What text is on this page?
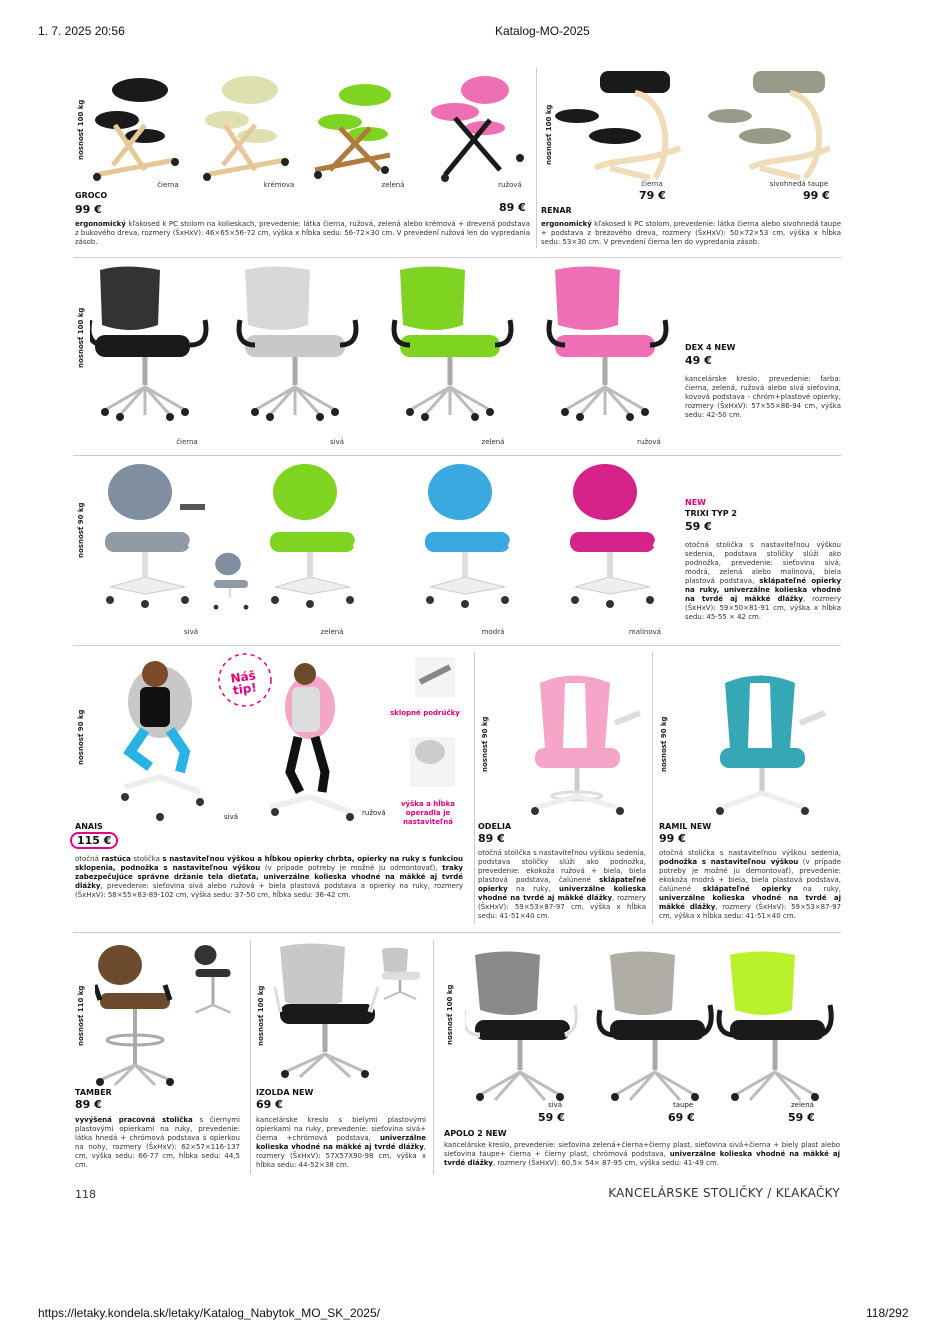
1. 7. 2025 20:56	Katalog-MO-2025
nosnosť 100 kg
čierna	krémova	zelená	ružová
GROCO
99 €	89 €
ergonomický kľakosed k PC stolom na kolieskach, prevedenie: látka čierna, ružová, zelená alebo krémová + drevená podstava z bukového dreva, rozmery (ŠxHxV): 46×65×56-72 cm, výška x hĺbka sedu: 56-72×30 cm. V prevedení ružová len do vypredania zásob.
nosnosť 100 kg
čierna	sivohnedá taupe
79 €	99 €
RENAR
ergonomický kľakosed k PC stolom, prevedenie: látka čierna alebo sivohnedá taupe + podstava z brezového dreva, rozmery (ŠxHxV): 50×72×53 cm, výška x hĺbka sedu: 53×30 cm. V prevedení čierna len do vypredania zásob.
nosnosť 100 kg
čierna	sivá	zelená	ružová
DEX 4 NEW
49 €
kancelárske kreslo, prevedenie: farba: čierna, zelená, ružová alebo sivá sieťovina, kovová podstava - chróm+plastové opierky, rozmery (ŠxHxV): 57×55×86-94 cm, výška sedu: 42-50 cm.
nosnosť 90 kg
sivá	zelená	modrá	malinová
NEW
TRIXI TYP 2
59 €
otočná stolička s nastaviteľnou výškou sedenia, podstava stoličky slúži ako podnožka, prevedenie: sieťovina sivá, modrá, zelená alebo malinová, biela plastová podstava, sklápateľné opierky na ruky, univerzálne kolieska vhodné na tvrdé aj mäkké dlážky, rozmery (ŠxHxV): 59×50×81-91 cm, výška x hĺbka sedu: 45-55 × 42 cm.
nosnosť 90 kg
Náš tip!
sklopné podrúčky
výška a hĺbka operadla je nastaviteľná
sivá	ružová
ANAIS
115 €
otočná rastúca stolička s nastaviteľnou výškou a hĺbkou opierky chrbta, opierky na ruky s funkciou sklopenia, podnožka s nastaviteľnou výškou (v prípade potreby je možné ju odmontovať), traky zabezpečujúce správne držanie tela dieťaťa, univerzálne kolieska vhodné na mäkké aj tvrdé dlážky, prevedenie: sieťovina sivá alebo ružová + biela plastová podstava a opierky na ruky, rozmery (ŠxHxV): 58×55×83-89-102 cm, výška sedu: 37-50 cm, hĺbka sedu: 36-42 cm.
nosnosť 90 kg
ODELIA
89 €
otočná stolička s nastaviteľnou výškou sedenia, podstava stoličky slúži ako podnožka, prevedenie: ekokoža ružová + biela, biela plastová podstava, čalúnené sklápateľné opierky na ruky, univerzálne kolieska vhodné na tvrdé aj mäkké dlážky, rozmery (ŠxHxV): 59×53×87-97 cm, výška x hĺbka sedu: 41-51×40 cm.
nosnosť 90 kg
RAMIL NEW
99 €
otočná stolička s nastaviteľnou výškou sedenia, podnožka s nastaviteľnou výškou (v prípade potreby je možné ju demontovať), prevedenie: ekokoža modrá + biela, biela plastová podstava, čalúnené sklápateľné opierky na ruky, univerzálne kolieska vhodné na tvrdé aj mäkké dlážky, rozmery (ŠxHxV): 59×53×87-97 cm, výška x hĺbka sedu: 41-51×40 cm.
nosnosť 110 kg
TAMBER
89 €
vyvýšená pracovná stolička s čiernymi plastovými opierkami na ruky, prevedenie: látka hnedá + chrómová podstava s opierkou na nohy, rozmery (ŠxHxV): 62×57×116-137 cm, výška sedu: 66-77 cm, hĺbka sedu: 44,5 cm.
nosnosť 100 kg
IZOLDA NEW
69 €
kancelárske kreslo s bielymi plastovými opierkami na ruky, prevedenie: sieťovina sivá+ čierna +chrómová podstava, univerzálne kolieska vhodné na mäkké aj tvrdé dlážky, rozmery (ŠxHxV): 57X57X90-98 cm, výška x hĺbka sedu: 44-52×38 cm.
nosnosť 100 kg
sivá	taupe	zelená
59 €	69 €	59 €
APOLO 2 NEW
kancelárske kreslo, prevedenie: sieťovina zelená+čierna+čierny plast, sieťovina sivá+čierna + biely plast alebo sieťovina taupe+ čierna + čierny plast, chrómová podstava, univerzálne kolieska vhodné na mäkké aj tvrdé dlážky, rozmery (ŠxHxV): 60,5× 54× 87-95 cm, výška sedu: 41-49 cm.
118	KANCELÁRSKE STOLIČKY / KĽAKAČKY
https://letaky.kondela.sk/letaky/Katalog_Nabytok_MO_SK_2025/	118/292
